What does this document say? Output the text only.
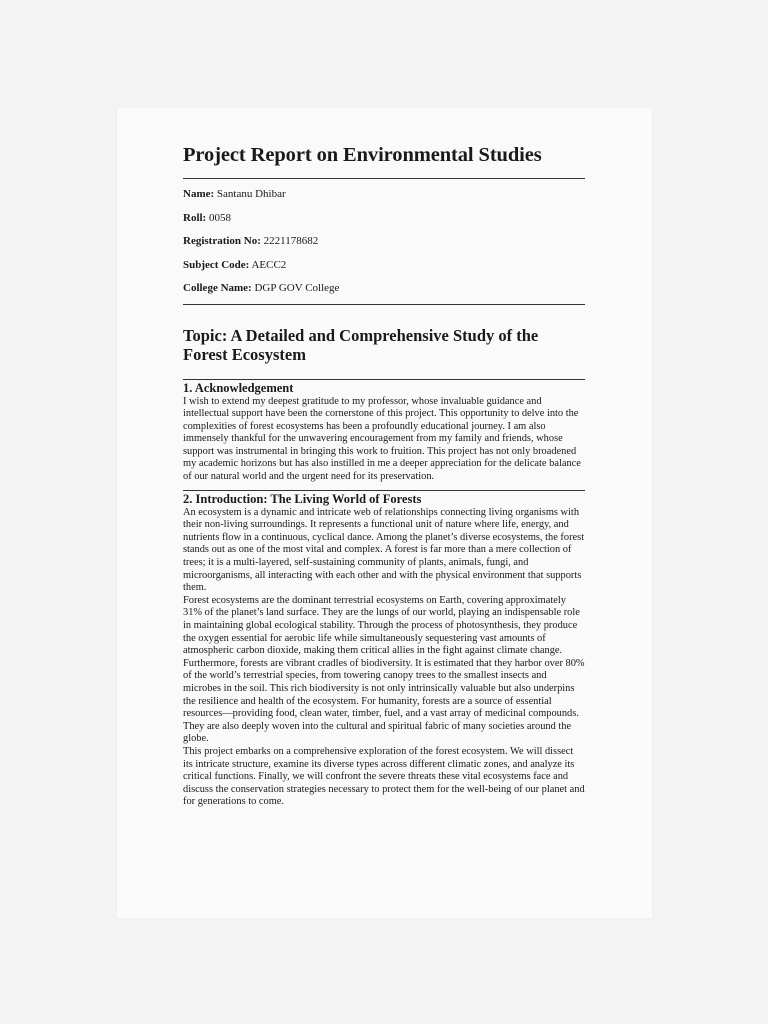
Project Report on Environmental Studies
Name: Santanu Dhibar
Roll: 0058
Registration No: 2221178682
Subject Code: AECC2
College Name: DGP GOV College
Topic: A Detailed and Comprehensive Study of the Forest Ecosystem
1. Acknowledgement

I wish to extend my deepest gratitude to my professor, whose invaluable guidance and intellectual support have been the cornerstone of this project. This opportunity to delve into the complexities of forest ecosystems has been a profoundly educational journey. I am also immensely thankful for the unwavering encouragement from my family and friends, whose support was instrumental in bringing this work to fruition. This project has not only broadened my academic horizons but has also instilled in me a deeper appreciation for the delicate balance of our natural world and the urgent need for its preservation.

2. Introduction: The Living World of Forests

An ecosystem is a dynamic and intricate web of relationships connecting living organisms with their non-living surroundings. It represents a functional unit of nature where life, energy, and nutrients flow in a continuous, cyclical dance. Among the planet’s diverse ecosystems, the forest stands out as one of the most vital and complex. A forest is far more than a mere collection of trees; it is a multi-layered, self-sustaining community of plants, animals, fungi, and microorganisms, all interacting with each other and with the physical environment that supports them.

Forest ecosystems are the dominant terrestrial ecosystems on Earth, covering approximately 31% of the planet’s land surface. They are the lungs of our world, playing an indispensable role in maintaining global ecological stability. Through the process of photosynthesis, they produce the oxygen essential for aerobic life while simultaneously sequestering vast amounts of atmospheric carbon dioxide, making them critical allies in the fight against climate change.

Furthermore, forests are vibrant cradles of biodiversity. It is estimated that they harbor over 80% of the world’s terrestrial species, from towering canopy trees to the smallest insects and microbes in the soil. This rich biodiversity is not only intrinsically valuable but also underpins the resilience and health of the ecosystem. For humanity, forests are a source of essential resources—providing food, clean water, timber, fuel, and a vast array of medicinal compounds. They are also deeply woven into the cultural and spiritual fabric of many societies around the globe.

This project embarks on a comprehensive exploration of the forest ecosystem. We will dissect its intricate structure, examine its diverse types across different climatic zones, and analyze its critical functions. Finally, we will confront the severe threats these vital ecosystems face and discuss the conservation strategies necessary to protect them for the well-being of our planet and for generations to come.
